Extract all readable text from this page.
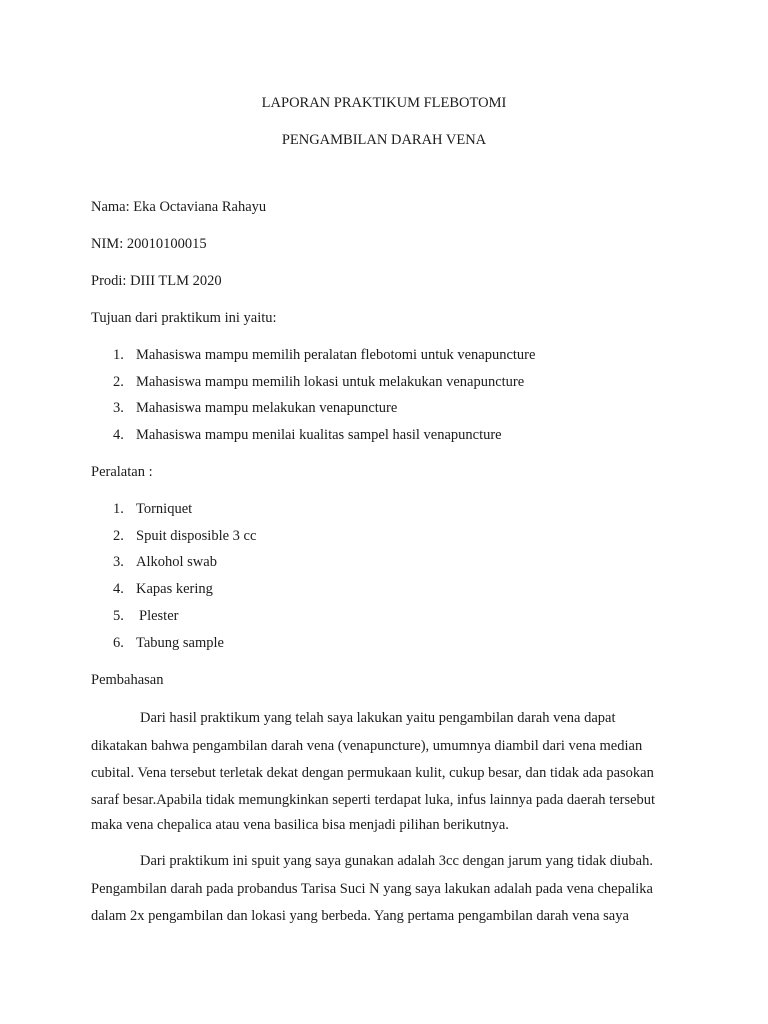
LAPORAN PRAKTIKUM FLEBOTOMI
PENGAMBILAN DARAH VENA
Nama: Eka Octaviana Rahayu
NIM: 20010100015
Prodi: DIII TLM 2020
Tujuan dari praktikum ini yaitu:
1. Mahasiswa mampu memilih peralatan flebotomi untuk venapuncture
2. Mahasiswa mampu memilih lokasi untuk melakukan venapuncture
3. Mahasiswa mampu melakukan venapuncture
4. Mahasiswa mampu menilai kualitas sampel hasil venapuncture
Peralatan :
1. Torniquet
2. Spuit disposible 3 cc
3. Alkohol swab
4. Kapas kering
5. Plester
6. Tabung sample
Pembahasan
Dari hasil praktikum yang telah saya lakukan yaitu pengambilan darah vena dapat
dikatakan bahwa pengambilan darah vena (venapuncture), umumnya diambil dari vena median
cubital. Vena tersebut terletak dekat dengan permukaan kulit, cukup besar, dan tidak ada pasokan
saraf besar.Apabila tidak memungkinkan seperti terdapat luka, infus lainnya pada daerah tersebut
maka vena chepalica atau vena basilica bisa menjadi pilihan berikutnya.
Dari praktikum ini spuit yang saya gunakan adalah 3cc dengan jarum yang tidak diubah.
Pengambilan darah pada probandus Tarisa Suci N yang saya lakukan adalah pada vena chepalika
dalam 2x pengambilan dan lokasi yang berbeda. Yang pertama pengambilan darah vena saya
